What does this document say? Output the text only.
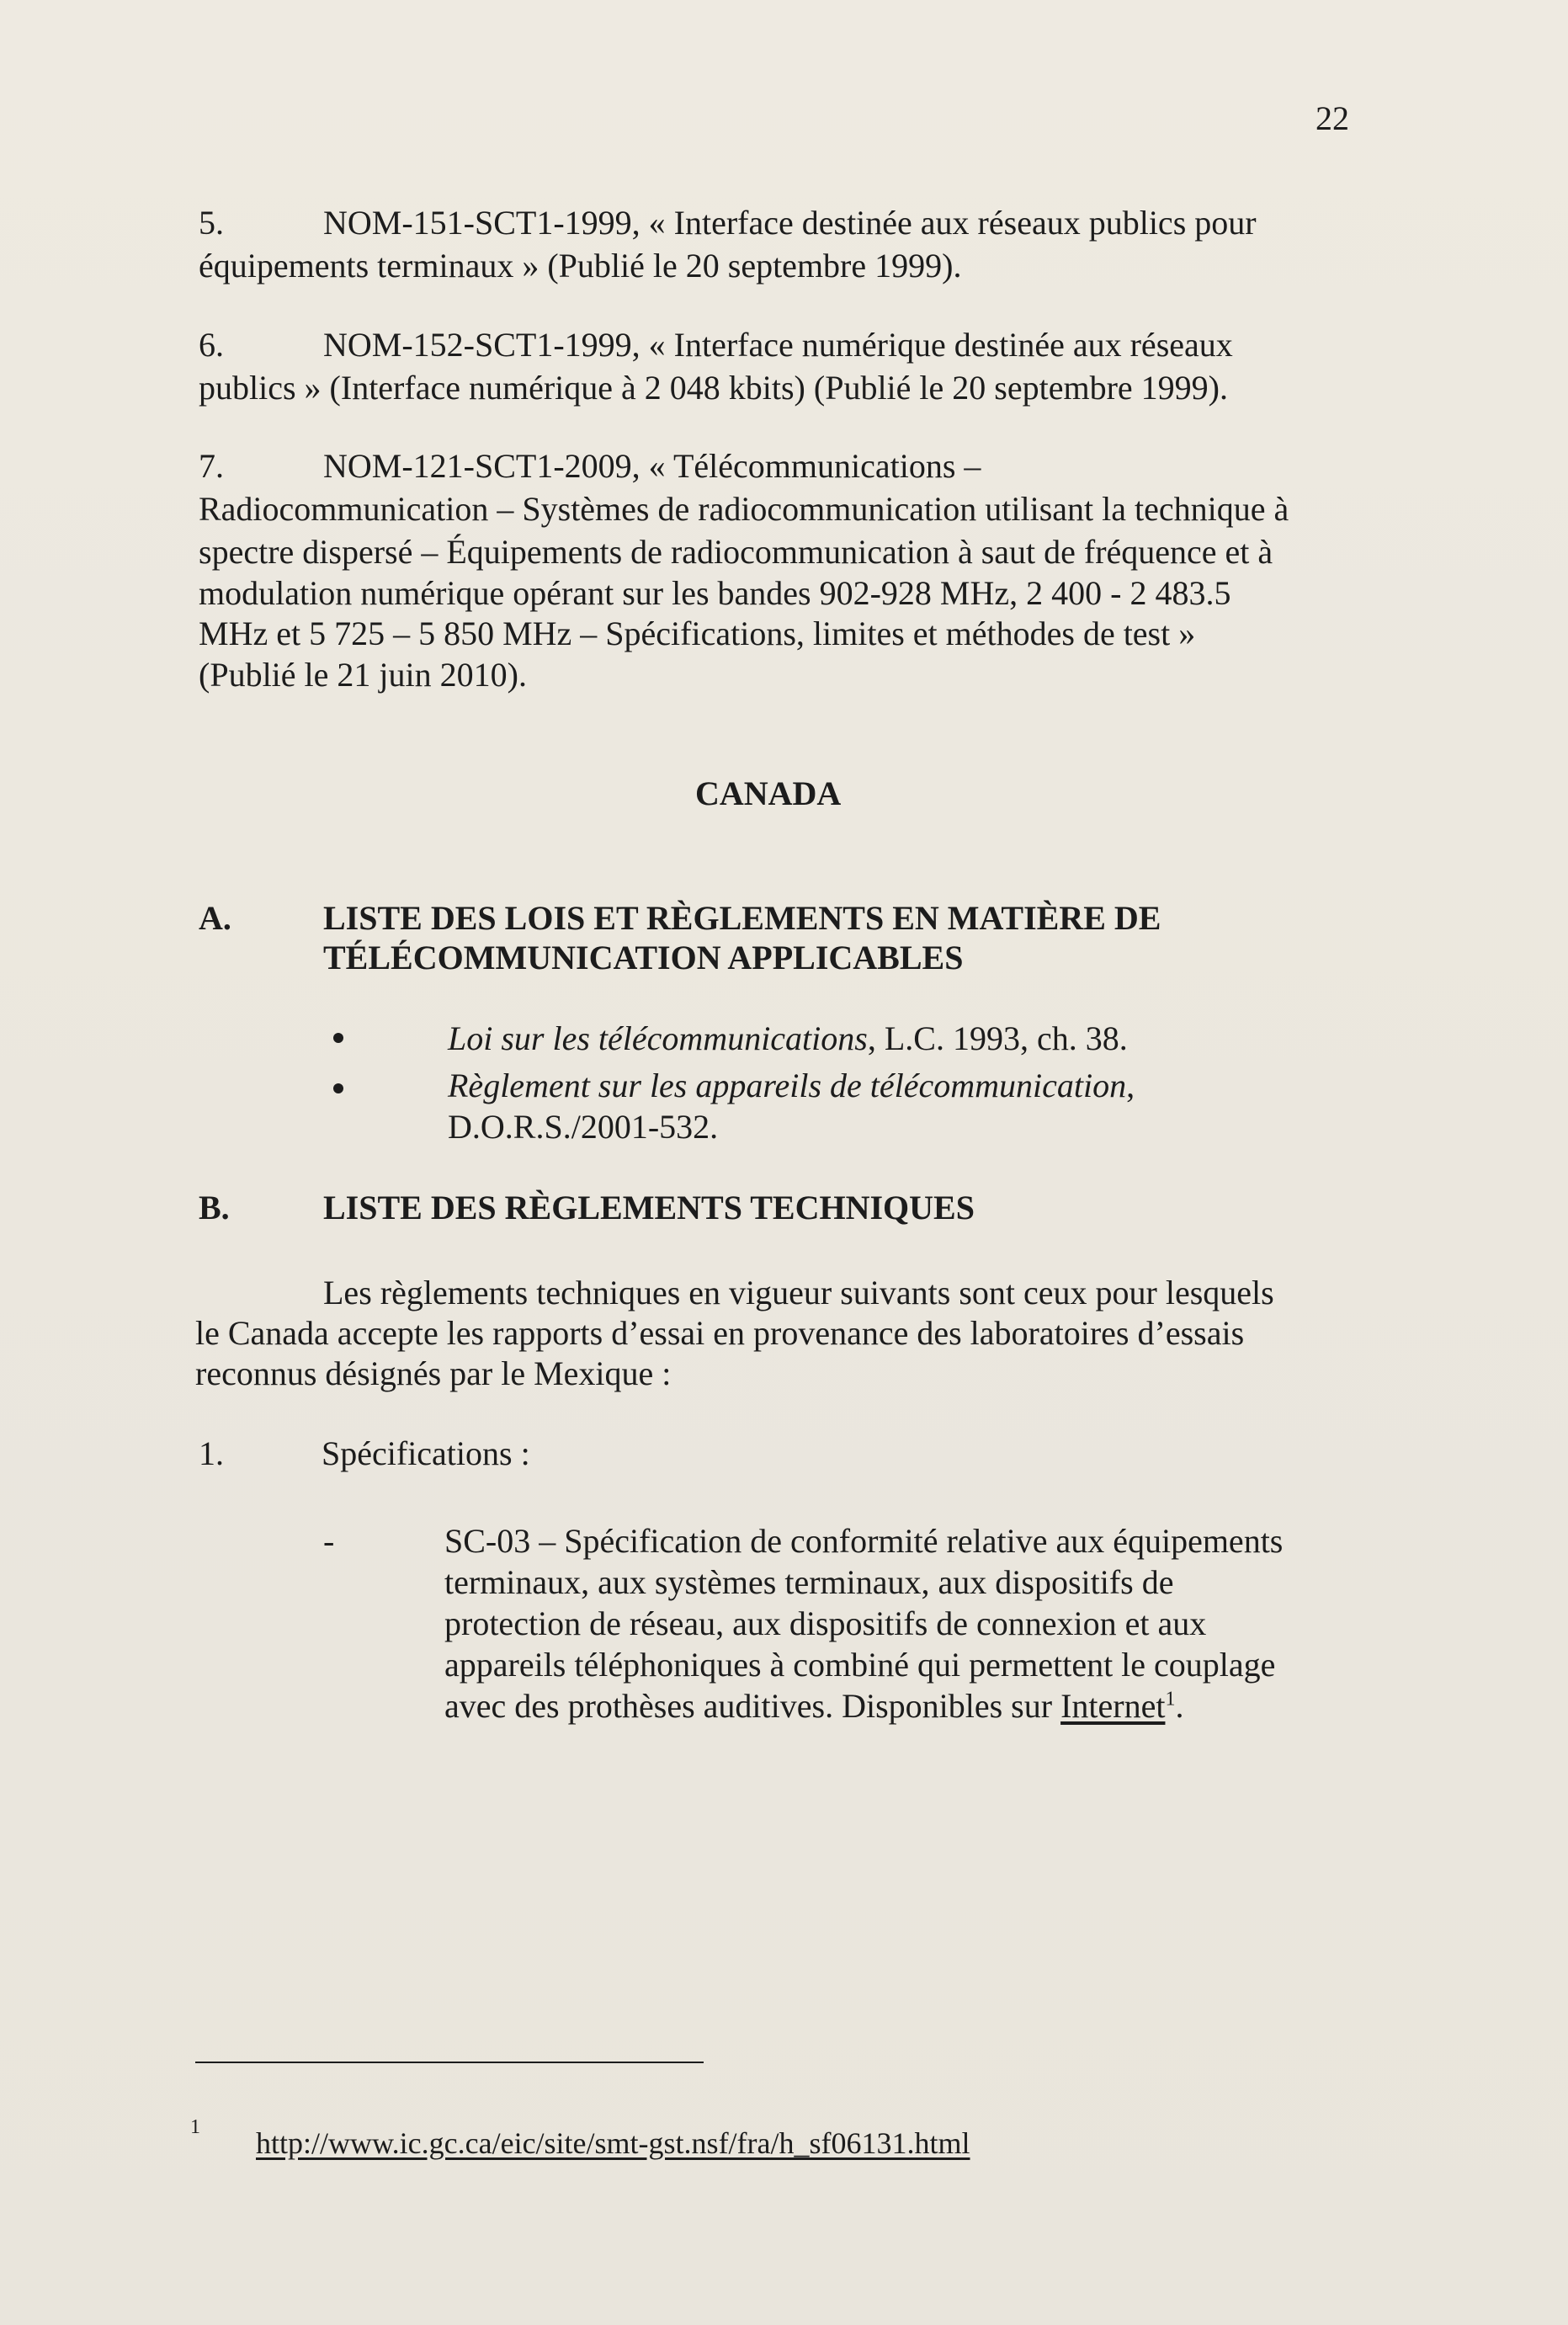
22
5.	NOM-151-SCT1-1999, « Interface destinée aux réseaux publics pour
équipements terminaux » (Publié le 20 septembre 1999).
6.	NOM-152-SCT1-1999, « Interface numérique destinée aux réseaux
publics » (Interface numérique à 2 048 kbits) (Publié le 20 septembre 1999).
7.	NOM-121-SCT1-2009, « Télécommunications –
Radiocommunication – Systèmes de radiocommunication utilisant la technique à
spectre dispersé – Équipements de radiocommunication à saut de fréquence et à
modulation numérique opérant sur les bandes 902-928 MHz, 2 400 - 2 483.5
MHz et 5 725 – 5 850 MHz – Spécifications, limites et méthodes de test »
(Publié le 21 juin 2010).
CANADA
A.	LISTE DES LOIS ET RÈGLEMENTS EN MATIÈRE DE
TÉLÉCOMMUNICATION APPLICABLES
Loi sur les télécommunications, L.C. 1993, ch. 38.
Règlement sur les appareils de télécommunication,
D.O.R.S./2001-532.
B.	LISTE DES RÈGLEMENTS TECHNIQUES
Les règlements techniques en vigueur suivants sont ceux pour lesquels
le Canada accepte les rapports d’essai en provenance des laboratoires d’essais
reconnus désignés par le Mexique :
1.	Spécifications :
-	SC-03 – Spécification de conformité relative aux équipements
terminaux, aux systèmes terminaux, aux dispositifs de
protection de réseau, aux dispositifs de connexion et aux
appareils téléphoniques à combiné qui permettent le couplage
avec des prothèses auditives. Disponibles sur Internet$^1$.
1 http://www.ic.gc.ca/eic/site/smt-gst.nsf/fra/h_sf06131.html
